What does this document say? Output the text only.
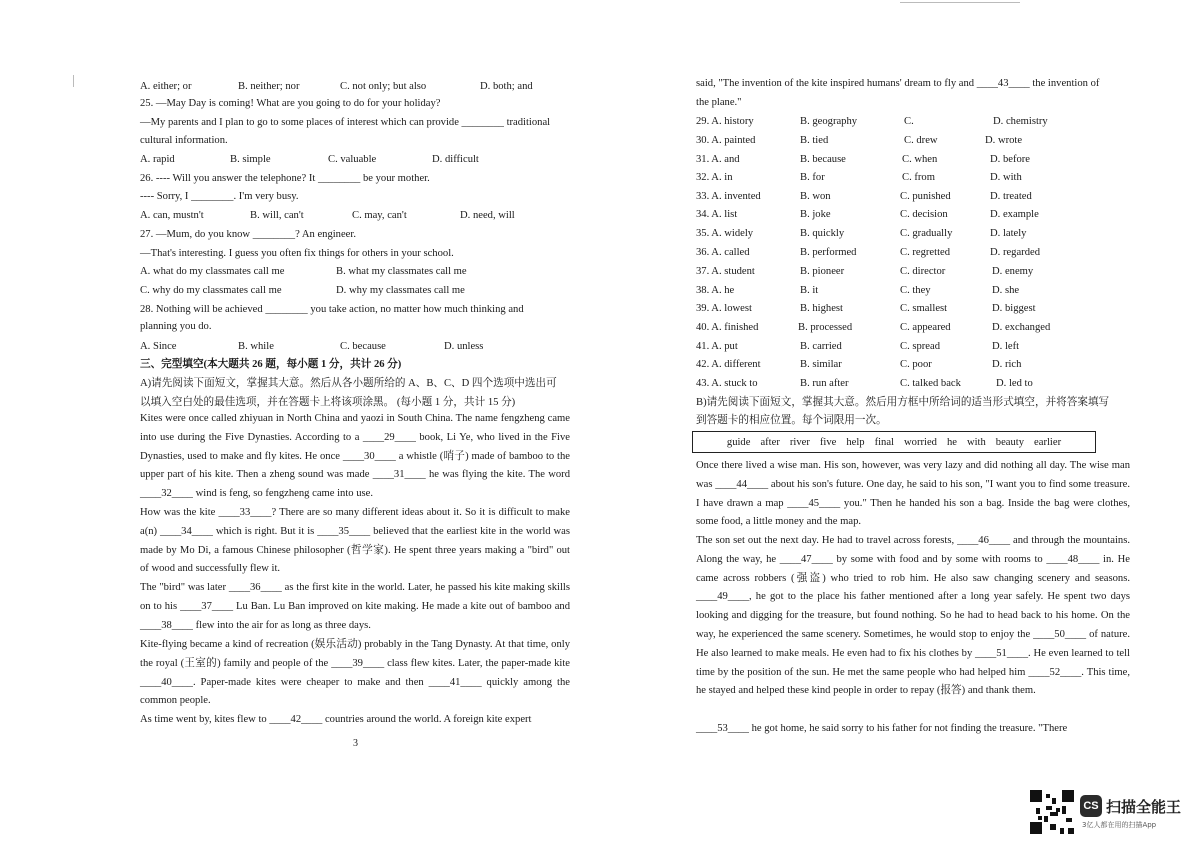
A. either; or	B. neither; nor	C. not only; but also	D. both; and
25. —May Day is coming! What are you going to do for your holiday?
—My parents and I plan to go to some places of interest which can provide ________ traditional
cultural information.
A. rapid	B. simple	C. valuable	D. difficult
26. ---- Will you answer the telephone? It ________ be your mother.
---- Sorry, I ________. I'm very busy.
A. can, mustn't	B. will, can't	C. may, can't	D. need, will
27. —Mum, do you know ________? An engineer.
—That's interesting. I guess you often fix things for others in your school.
A. what do my classmates call me	B. what my classmates call me
C. why do my classmates call me	D. why my classmates call me
28. Nothing will be achieved ________ you take action, no matter how much thinking and
planning you do.
A. Since	B. while	C. because	D. unless
三、完型填空(本大题共 26 题，每小题 1 分，共计 26 分)
A)请先阅读下面短文，掌握其大意。然后从各小题所给的 A、B、C、D 四个选项中选出可
以填入空白处的最佳选项，并在答题卡上将该项涂黑。 (每小题 1 分，共计 15 分)
said, "The invention of the kite inspired humans' dream to fly and ____43____ the invention of
the plane."
29. A. history	B. geography	C.	D. chemistry
30. A. painted	B. tied	C. drew	D. wrote
31. A. and	B. because	C. when	D. before
32. A. in	B. for	C. from	D. with
33. A. invented	B. won	C. punished	D. treated
34. A. list	B. joke	C. decision	D. example
35. A. widely	B. quickly	C. gradually	D. lately
36. A. called	B. performed	C. regretted	D. regarded
37. A. student	B. pioneer	C. director	D. enemy
38. A. he	B. it	C. they	D. she
39. A. lowest	B. highest	C. smallest	D. biggest
40. A. finished	B. processed	C. appeared	D. exchanged
41. A. put	B. carried	C. spread	D. left
42. A. different	B. similar	C. poor	D. rich
43. A. stuck to	B. run after	C. talked back	D. led to
B)请先阅读下面短文，掌握其大意。然后用方框中所给词的适当形式填空，并将答案填写
到答题卡的相应位置。每个词限用一次。
Kites were once called zhiyuan in North China and yaozi in South China. The name fengzheng came into use during the Five Dynasties. According to a ____29____ book, Li Ye, who lived in the Five Dynasties, used to make and fly kites. He once ____30____ a whistle (哨子) made of bamboo to the upper part of his kite. Then a zheng sound was made ____31____ he was flying the kite. The word ____32____ wind is feng, so fengzheng came into use.
How was the kite ____33____? There are so many different ideas about it. So it is difficult to make a(n) ____34____ which is right. But it is ____35____ believed that the earliest kite in the world was made by Mo Di, a famous Chinese philosopher (哲学家). He spent three years making a "bird" out of wood and successfully flew it.
The "bird" was later ____36____ as the first kite in the world. Later, he passed his kite making skills on to his ____37____ Lu Ban. Lu Ban improved on kite making. He made a kite out of bamboo and ____38____ flew into the air for as long as three days.
Kite-flying became a kind of recreation (娱乐活动) probably in the Tang Dynasty. At that time, only the royal (王室的) family and people of the ____39____ class flew kites. Later, the paper-made kite ____40____. Paper-made kites were cheaper to make and then ____41____ quickly among the common people.
As time went by, kites flew to ____42____ countries around the world. A foreign kite expert
Once there lived a wise man. His son, however, was very lazy and did nothing all day. The wise man was ____44____ about his son's future. One day, he said to his son, "I want you to find some treasure. I have drawn a map ____45____ you." Then he handed his son a bag. Inside the bag were clothes, some food, a little money and the map.
The son set out the next day. He had to travel across forests, ____46____ and through the mountains. Along the way, he ____47____ by some with food and by some with rooms to ____48____ in. He came across robbers (强盗) who tried to rob him. He also saw changing scenery and seasons. ____49____, he got to the place his father mentioned after a long year safely. He spent two days looking and digging for the treasure, but found nothing. So he had to head back to his home. On the way, he experienced the same scenery. Sometimes, he would stop to enjoy the ____50____ of nature. He also learned to make meals. He even had to fix his clothes by ____51____. He even learned to tell time by the position of the sun. He met the same people who had helped him ____52____. This time, he stayed and helped these kind people in order to repay (报答) and thank them.
____53____ he got home, he said sorry to his father for not finding the treasure. "There
guide after river five help final worried he with beauty earlier
3
CS 扫描全能王
3亿人都在用的扫描App
